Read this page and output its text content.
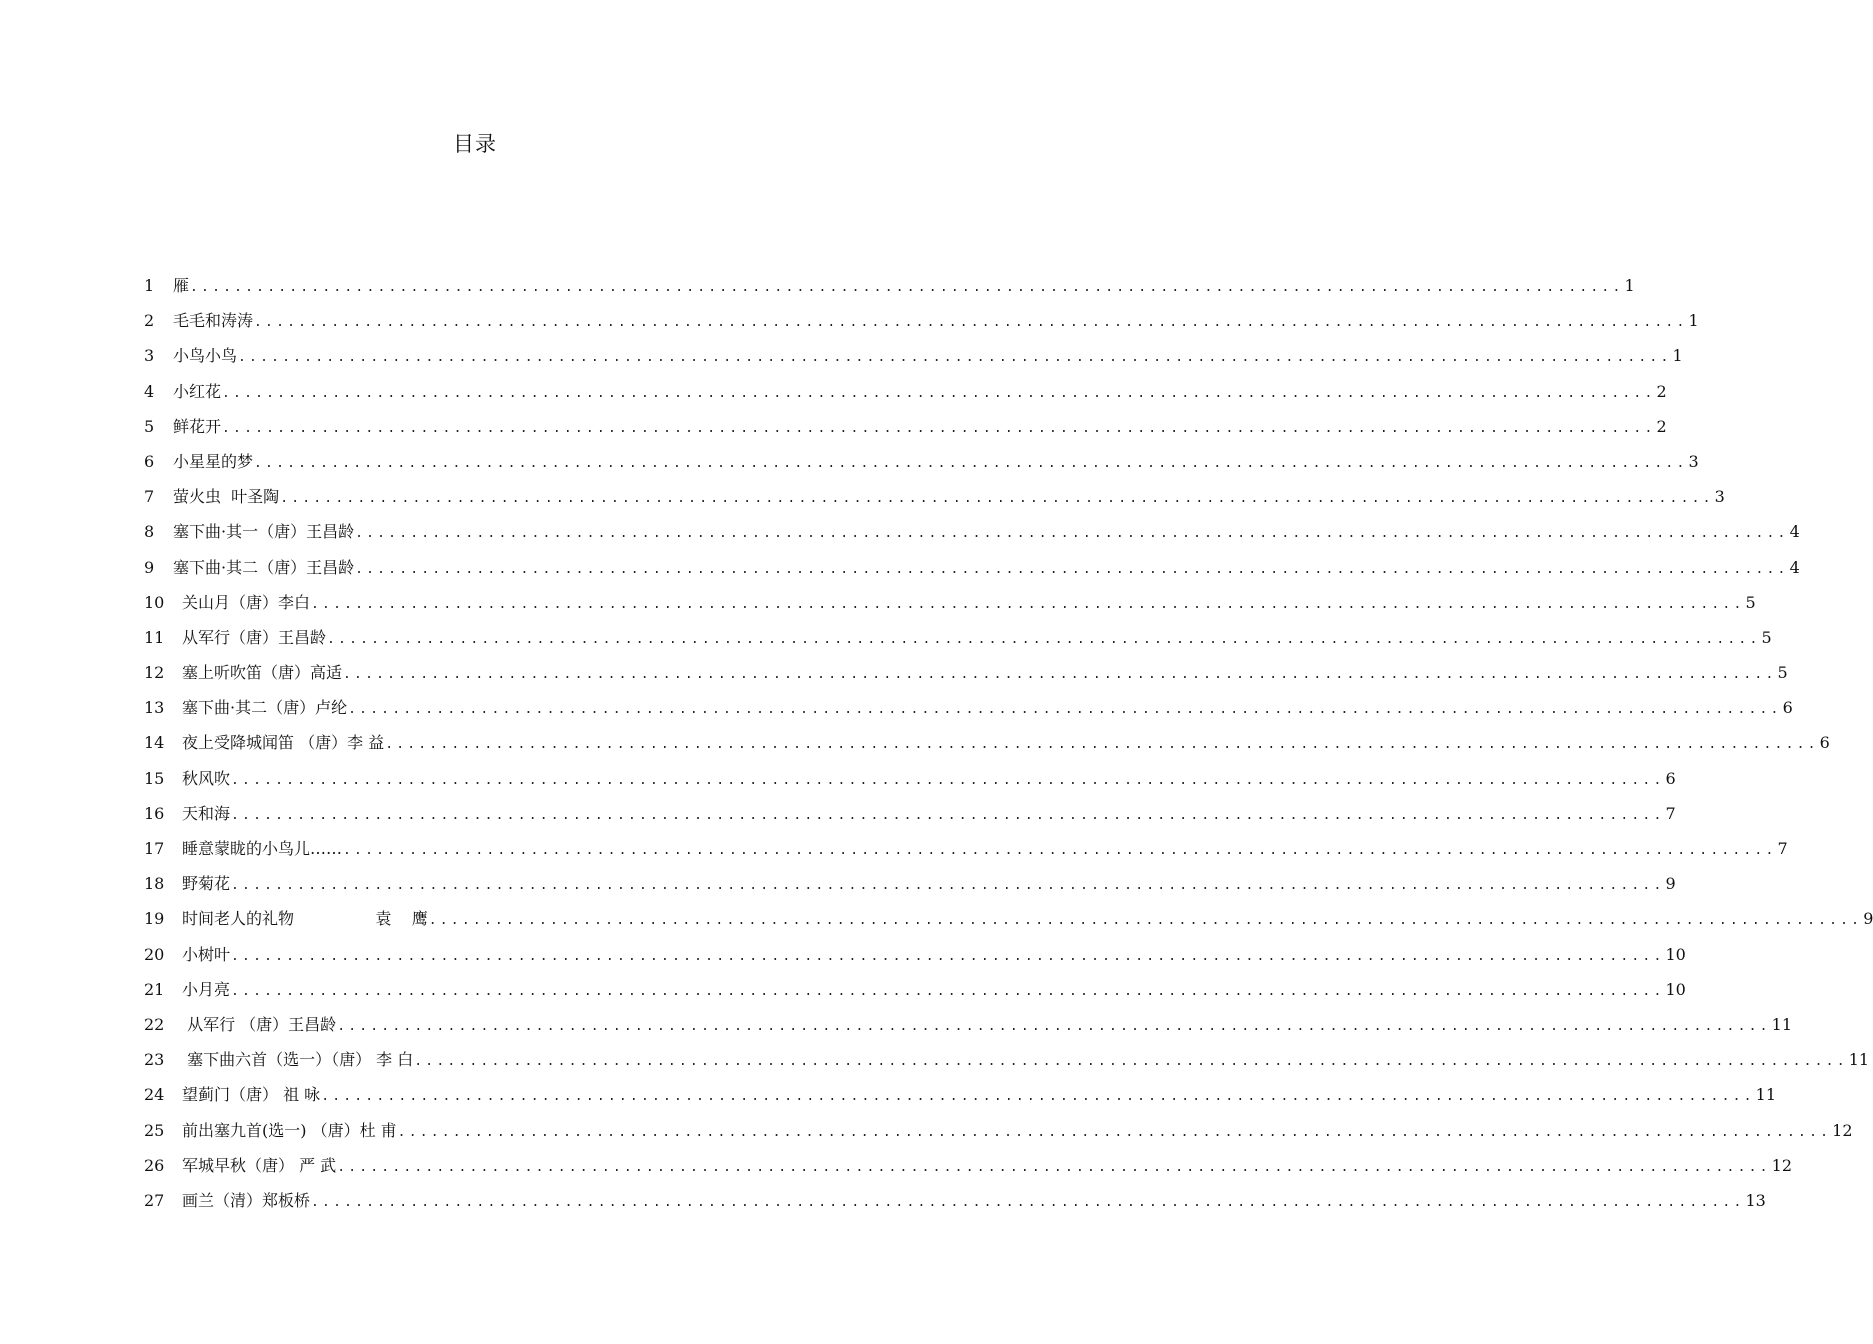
目录
1	雁 .................................................................................................................................. 1
2	毛毛和涛涛 .................................................................................................................................. 1
3	小鸟小鸟 .................................................................................................................................. 1
4	小红花 .................................................................................................................................. 2
5	鲜花开 .................................................................................................................................. 2
6	小星星的梦 .................................................................................................................................. 3
7	萤火虫  叶圣陶 .................................................................................................................................. 3
8	塞下曲·其一（唐）王昌龄 .................................................................................................................................. 4
9	塞下曲·其二（唐）王昌龄 .................................................................................................................................. 4
10	关山月（唐）李白 .................................................................................................................................. 5
11	从军行（唐）王昌龄 .................................................................................................................................. 5
12	塞上听吹笛（唐）高适 .................................................................................................................................. 5
13	塞下曲·其二（唐）卢纶 .................................................................................................................................. 6
14	夜上受降城闻笛 （唐）李 益 .................................................................................................................................. 6
15	秋风吹 .................................................................................................................................. 6
16	天和海 .................................................................................................................................. 7
17	睡意蒙眬的小鸟儿…… .................................................................................................................................. 7
18	野菊花 .................................................................................................................................. 9
19	时间老人的礼物                袁    鹰 .................................................................................................................................. 9
20	小树叶 .................................................................................................................................. 10
21	小月亮 .................................................................................................................................. 10
22	从军行 （唐）王昌龄 .................................................................................................................................. 11
23	塞下曲六首（选一）（唐） 李 白 .................................................................................................................................. 11
24	望蓟门（唐） 祖 咏 .................................................................................................................................. 11
25	前出塞九首(选一) （唐）杜 甫 .................................................................................................................................. 12
26	军城早秋（唐） 严 武 .................................................................................................................................. 12
27	画兰（清）郑板桥 .................................................................................................................................. 13
